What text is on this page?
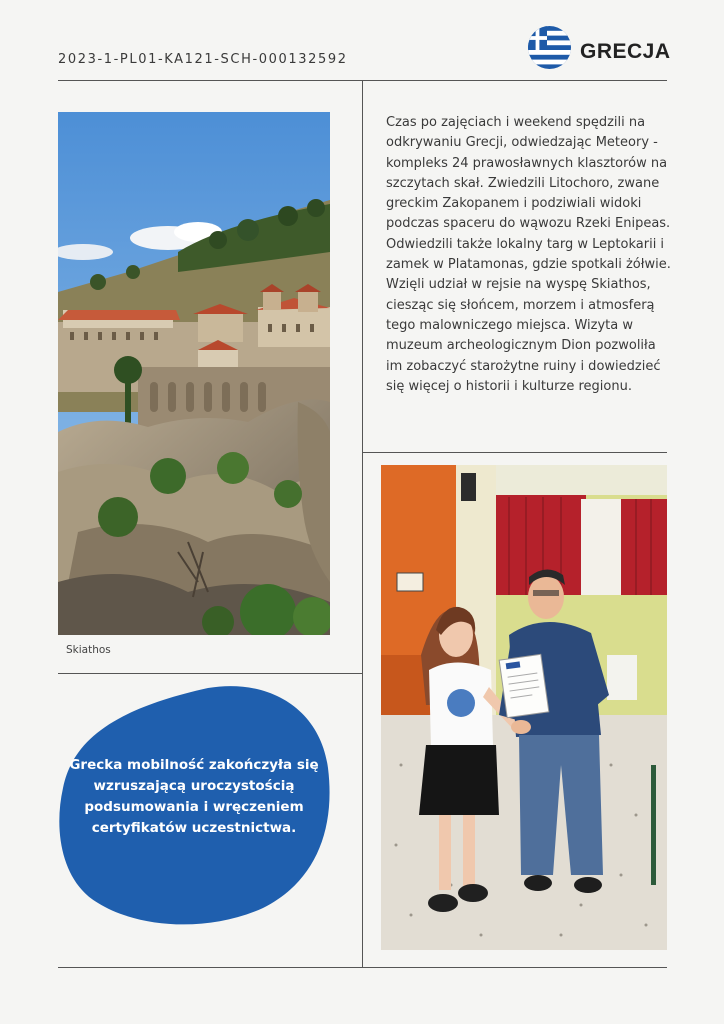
2023-1-PL01-KA121-SCH-000132592	GRECJA
Czas po zajęciach i weekend spędzili na odkrywaniu Grecji, odwiedzając Meteory - kompleks 24 prawosławnych klasztorów na szczytach skał. Zwiedzili Litochoro, zwane greckim Zakopanem i podziwiali widoki podczas spaceru do wąwozu Rzeki Enipeas. Odwiedzili także lokalny targ w Leptokarii i zamek w Platamonas, gdzie spotkali żółwie. Wzięli udział w rejsie na wyspę Skiathos, ciesząc się słońcem, morzem i atmosferą tego malowniczego miejsca. Wizyta w muzeum archeologicznym Dion pozwoliła im zobaczyć starożytne ruiny i dowiedzieć się więcej o historii i kulturze regionu.
Skiathos
Grecka mobilność zakończyła się wzruszającą uroczystością podsumowania i wręczeniem certyfikatów uczestnictwa.
